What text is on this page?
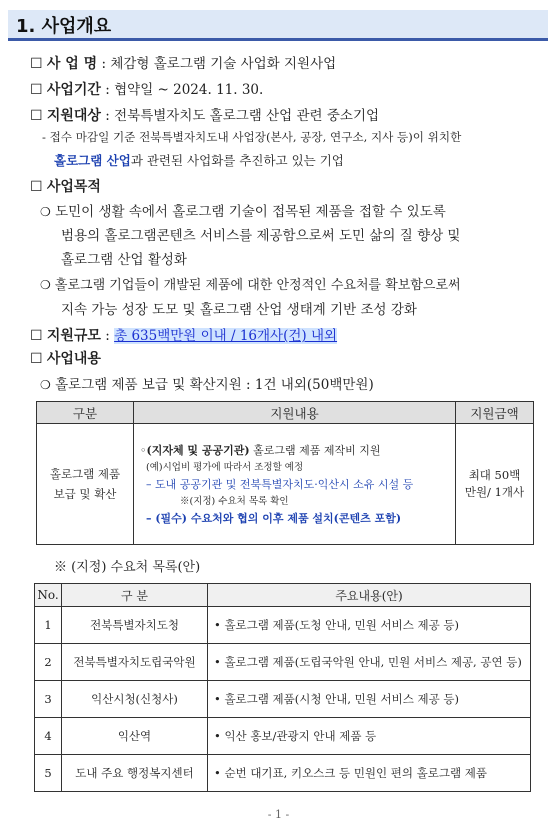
1. 사업개요
☐ 사 업 명 : 체감형 홀로그램 기술 사업화 지원사업
☐ 사업기간 : 협약일 ~ 2024. 11. 30.
☐ 지원대상 : 전북특별자치도 홀로그램 산업 관련 중소기업
- 접수 마감일 기준 전북특별자치도내 사업장(본사, 공장, 연구소, 지사 등)이 위치한
홀로그램 산업과 관련된 사업화를 추진하고 있는 기업
☐ 사업목적
❍ 도민이 생활 속에서 홀로그램 기술이 접목된 제품을 접할 수 있도록
범용의 홀로그램콘텐츠 서비스를 제공함으로써 도민 삶의 질 향상 및
홀로그램 산업 활성화
❍ 홀로그램 기업들이 개발된 제품에 대한 안정적인 수요처를 확보함으로써
지속 가능 성장 도모 및 홀로그램 산업 생태계 기반 조성 강화
☐ 지원규모 : 총 635백만원 이내 / 16개사(건) 내외
☐ 사업내용
❍ 홀로그램 제품 보급 및 확산지원 : 1건 내외(50백만원)
구분	지원내용	지원금액
홀로그램 제품 보급 및 확산	◦(지자체 및 공공기관) 홀로그램 제품 제작비 지원
(예)시업비 평가에 따라서 조정할 예정
– 도내 공공기관 및 전북특별자치도·익산시 소유 시설 등
※(지정) 수요처 목록 확인
– (필수) 수요처와 협의 이후 제품 설치(콘텐츠 포함)	최대 50백만원/ 1개사
※ (지정) 수요처 목록(안)
No.	구 분	주요내용(안)
1	전북특별자치도청	• 홀로그램 제품(도청 안내, 민원 서비스 제공 등)
2	전북특별자치도립국악원	• 홀로그램 제품(도립국악원 안내, 민원 서비스 제공, 공연 등)
3	익산시청(신청사)	• 홀로그램 제품(시청 안내, 민원 서비스 제공 등)
4	익산역	• 익산 홍보/관광지 안내 제품 등
5	도내 주요 행정복지센터	• 순번 대기표, 키오스크 등 민원인 편의 홀로그램 제품
- 1 -
